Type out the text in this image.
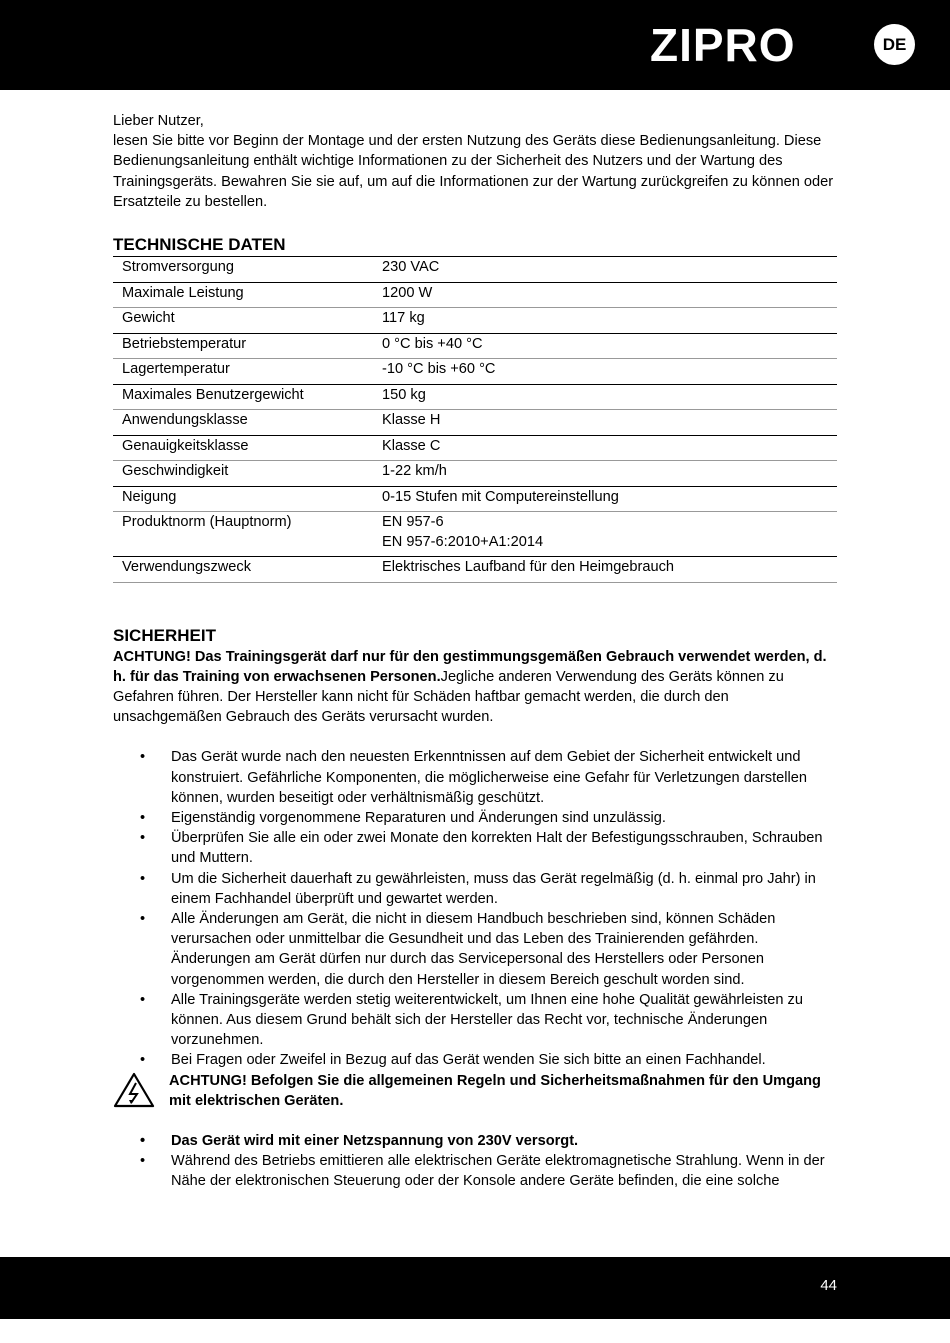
ZIPRO	DE

Lieber Nutzer,

lesen Sie bitte vor Beginn der Montage und der ersten Nutzung des Geräts diese Bedienungsanleitung. Diese Bedienungsanleitung enthält wichtige Informationen zu der Sicherheit des Nutzers und der Wartung des Trainingsgeräts. Bewahren Sie sie auf, um auf die Informationen zur der Wartung zurückgreifen zu können oder Ersatzteile zu bestellen.

TECHNISCHE DATEN
Stromversorgung	230 VAC
Maximale Leistung	1200 W
Gewicht	117 kg
Betriebstemperatur	0 °C bis +40 °C
Lagertemperatur	-10 °C bis +60 °C
Maximales Benutzergewicht	150 kg
Anwendungsklasse	Klasse H
Genauigkeitsklasse	Klasse C
Geschwindigkeit	1-22 km/h
Neigung	0-15 Stufen mit Computereinstellung
Produktnorm (Hauptnorm)	EN 957-6
EN 957-6:2010+A1:2014

Verwendungszweck	Elektrisches Laufband für den Heimgebrauch
SICHERHEIT

ACHTUNG! Das Trainingsgerät darf nur für den gestimmungsgemäßen Gebrauch verwendet werden, d. h. für das Training von erwachsenen Personen.Jegliche anderen Verwendung des Geräts können zu Gefahren führen. Der Hersteller kann nicht für Schäden haftbar gemacht werden, die durch den unsachgemäßen Gebrauch des Geräts verursacht wurden.

• Das Gerät wurde nach den neuesten Erkenntnissen auf dem Gebiet der Sicherheit entwickelt und konstruiert. Gefährliche Komponenten, die möglicherweise eine Gefahr für Verletzungen darstellen können, wurden beseitigt oder verhältnismäßig geschützt.
• Eigenständig vorgenommene Reparaturen und Änderungen sind unzulässig.
• Überprüfen Sie alle ein oder zwei Monate den korrekten Halt der Befestigungsschrauben, Schrauben und Muttern.
• Um die Sicherheit dauerhaft zu gewährleisten, muss das Gerät regelmäßig (d. h. einmal pro Jahr) in einem Fachhandel überprüft und gewartet werden.
• Alle Änderungen am Gerät, die nicht in diesem Handbuch beschrieben sind, können Schäden verursachen oder unmittelbar die Gesundheit und das Leben des Trainierenden gefährden. Änderungen am Gerät dürfen nur durch das Servicepersonal des Herstellers oder Personen vorgenommen werden, die durch den Hersteller in diesem Bereich geschult worden sind.
• Alle Trainingsgeräte werden stetig weiterentwickelt, um Ihnen eine hohe Qualität gewährleisten zu können. Aus diesem Grund behält sich der Hersteller das Recht vor, technische Änderungen vorzunehmen.
• Bei Fragen oder Zweifel in Bezug auf das Gerät wenden Sie sich bitte an einen Fachhandel.
ACHTUNG! Befolgen Sie die allgemeinen Regeln und Sicherheitsmaßnahmen für den Umgang mit elektrischen Geräten.
• Das Gerät wird mit einer Netzspannung von 230V versorgt.
• Während des Betriebs emittieren alle elektrischen Geräte elektromagnetische Strahlung. Wenn in der Nähe der elektronischen Steuerung oder der Konsole andere Geräte befinden, die eine solche
44
